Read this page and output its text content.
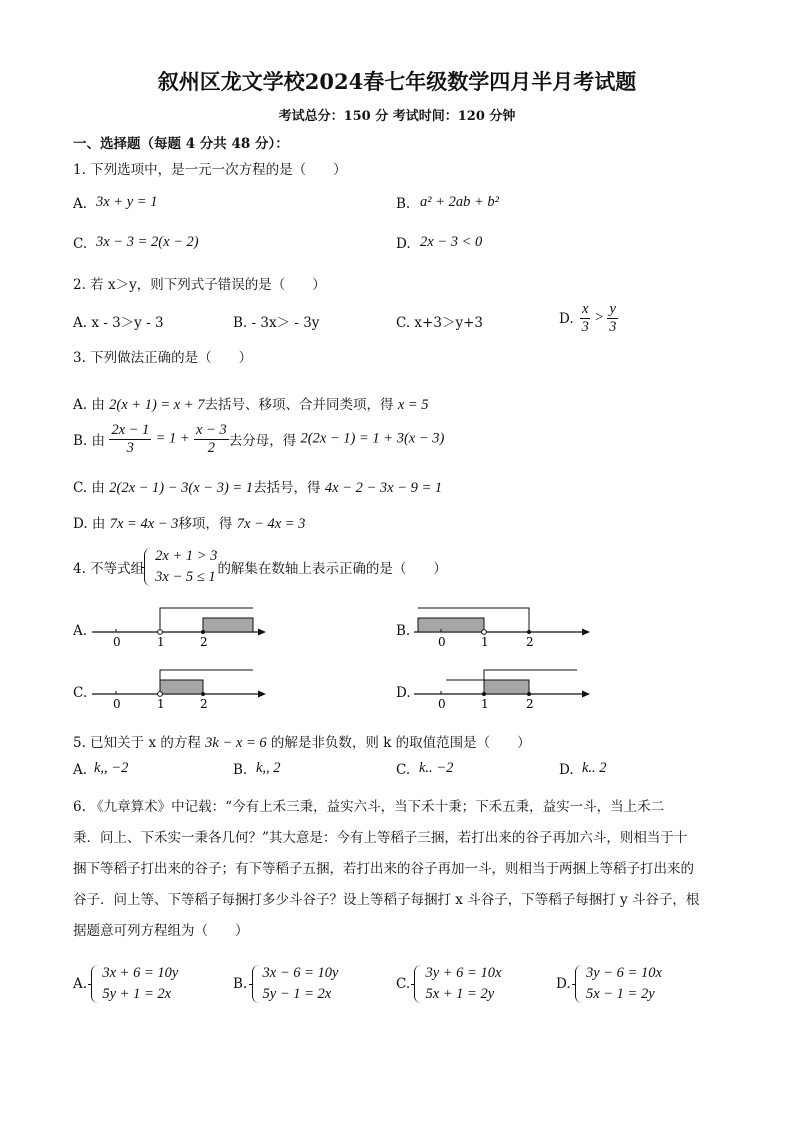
叙州区龙文学校2024春七年级数学四月半月考试题
考试总分：150 分 考试时间：120 分钟
一、选择题（每题 4 分共 48 分）：
1. 下列选项中，是一元一次方程的是（　　）
A. 3x + y = 1	B. a² + 2ab + b²
C. 3x − 3 = 2(x − 2)	D. 2x − 3 < 0
2. 若 x＞y，则下列式子错误的是（　　）
A. x - 3＞y - 3	B. - 3x＞ - 3y	C. x+3＞y+3	D. $\frac{x}{3} > \frac{y}{3}$
3. 下列做法正确的是（　　）
A. 由 2(x + 1) = x + 7去括号、移项、合并同类项，得 x = 5
B. 由 $\frac{2x - 1}{3} = 1 + \frac{x - 3}{2}$ 去分母，得 2(2x − 1) = 1 + 3(x − 3)
C. 由 2(2x − 1) − 3(x − 3) = 1去括号，得 4x − 2 − 3x − 9 = 1
D. 由 7x = 4x − 3移项，得 7x − 4x = 3
4. 不等式组
2x + 1 > 3
3x − 5 ≤ 1 的解集在数轴上表示正确的是（　　）
A.	B.
C.	D.
0	1	2	0	1	2
0	1	2	0	1	2
5. 已知关于 x 的方程 3k − x = 6 的解是非负数，则 k 的取值范围是（　　）
A. k,, −2	B. k,, 2	C. k.. −2	D. k.. 2
6. 《九章算术》中记载：“今有上禾三秉，益实六斗，当下禾十秉；下禾五秉，益实一斗，当上禾二
秉．问上、下禾实一秉各几何？”其大意是：今有上等稻子三捆，若打出来的谷子再加六斗，则相当于十
捆下等稻子打出来的谷子；有下等稻子五捆，若打出来的谷子再加一斗，则相当于两捆上等稻子打出来的
谷子．问上等、下等稻子每捆打多少斗谷子？设上等稻子每捆打 x 斗谷子，下等稻子每捆打 y 斗谷子，根
据题意可列方程组为（　　）
A.
3x + 6 = 10y
5y + 1 = 2x
B.
3x − 6 = 10y
5y − 1 = 2x
C.
3y + 6 = 10x
5x + 1 = 2y
D.
3y − 6 = 10x
5x − 1 = 2y
